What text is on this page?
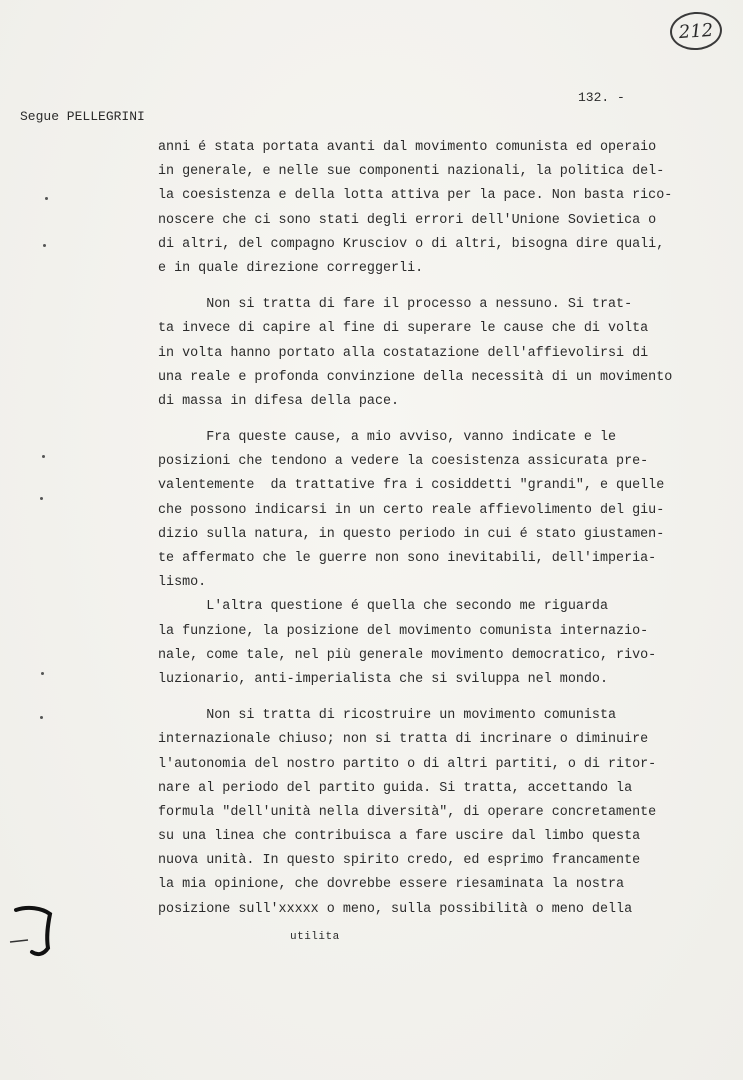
212
132. -
Segue PELLEGRINI
anni é stata portata avanti dal movimento comunista ed operaio
in generale, e nelle sue componenti nazionali, la politica del-
la coesistenza e della lotta attiva per la pace. Non basta rico-
noscere che ci sono stati degli errori dell'Unione Sovietica o
di altri, del compagno Krusciov o di altri, bisogna dire quali,
e in quale direzione correggerli.
Non si tratta di fare il processo a nessuno. Si trat-
ta invece di capire al fine di superare le cause che di volta
in volta hanno portato alla costatazione dell'affievolirsi di
una reale e profonda convinzione della necessità di un movimento
di massa in difesa della pace.
Fra queste cause, a mio avviso, vanno indicate e le
posizioni che tendono a vedere la coesistenza assicurata pre-
valentemente  da trattative fra i cosiddetti "grandi", e quelle
che possono indicarsi in un certo reale affievolimento del giu-
dizio sulla natura, in questo periodo in cui é stato giustamen-
te affermato che le guerre non sono inevitabili, dell'imperia-
lismo.
L'altra questione é quella che secondo me riguarda
la funzione, la posizione del movimento comunista internazio-
nale, come tale, nel più generale movimento democratico, rivo-
luzionario, anti-imperialista che si sviluppa nel mondo.
Non si tratta di ricostruire un movimento comunista
internazionale chiuso; non si tratta di incrinare o diminuire
l'autonomia del nostro partito o di altri partiti, o di ritor-
nare al periodo del partito guida. Si tratta, accettando la
formula "dell'unità nella diversità", di operare concretamente
su una linea che contribuisca a fare uscire dal limbo questa
nuova unità. In questo spirito credo, ed esprimo francamente
la mia opinione, che dovrebbe essere riesaminata la nostra
posizione sull'xxxxx o meno, sulla possibilità o meno della
utilita
